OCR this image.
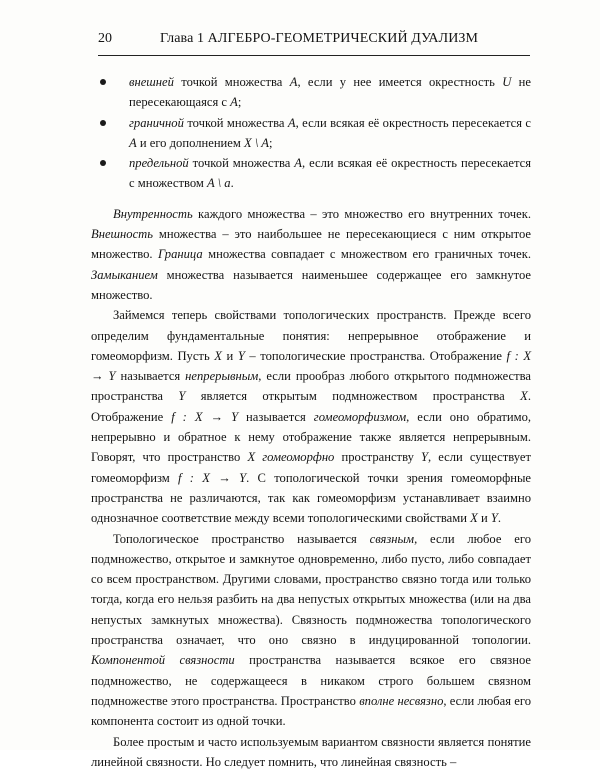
20	Глава 1 АЛГЕБРО-ГЕОМЕТРИЧЕСКИЙ ДУАЛИЗМ
внешней точкой множества A, если у нее имеется окрестность U не пересекающаяся с A;
граничной точкой множества A, если всякая её окрестность пересекается с A и его дополнением X \ A;
предельной точкой множества A, если всякая её окрестность пересекается с множеством A \ a.

Внутренность каждого множества – это множество его внутренних точек. Внешность множества – это наибольшее не пересекающиеся с ним открытое множество. Граница множества совпадает с множеством его граничных точек. Замыканием множества называется наименьшее содержащее его замкнутое множество.

Займемся теперь свойствами топологических пространств. Прежде всего определим фундаментальные понятия: непрерывное отображение и гомеоморфизм. Пусть X и Y – топологические пространства. Отображение f : X → Y называется непрерывным, если прообраз любого открытого подмножества пространства Y является открытым подмножеством пространства X. Отображение f : X → Y называется гомеоморфизмом, если оно обратимо, непрерывно и обратное к нему отображение также является непрерывным. Говорят, что пространство X гомеоморфно пространству Y, если существует гомеоморфизм f : X → Y. С топологической точки зрения гомеоморфные пространства не различаются, так как гомеоморфизм устанавливает взаимно однозначное соответствие между всеми топологическими свойствами X и Y.

Топологическое пространство называется связным, если любое его подмножество, открытое и замкнутое одновременно, либо пусто, либо совпадает со всем пространством. Другими словами, пространство связно тогда или только тогда, когда его нельзя разбить на два непустых открытых множества (или на два непустых замкнутых множества). Связность подмножества топологического пространства означает, что оно связно в индуцированной топологии. Компонентой связности пространства называется всякое его связное подмножество, не содержащееся в никаком строго большем связном подмножестве этого пространства. Пространство вполне несвязно, если любая его компонента состоит из одной точки.

Более простым и часто используемым вариантом связности является понятие линейной связности. Но следует помнить, что линейная связность –
